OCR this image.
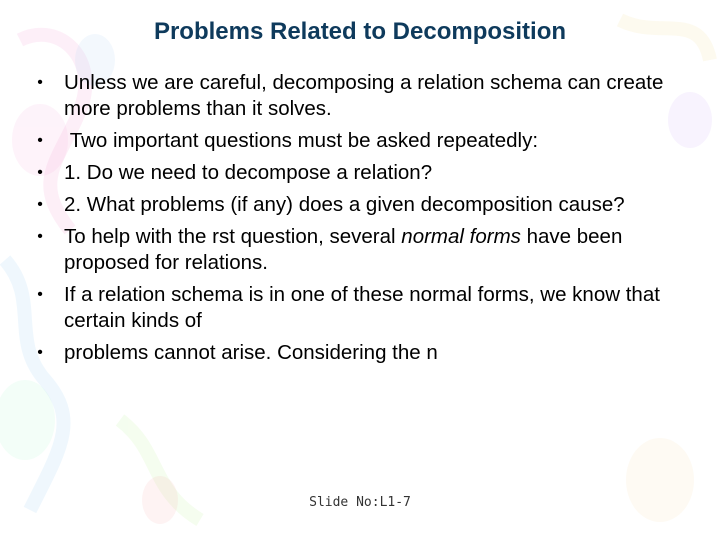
Problems Related to Decomposition
•	Unless we are careful, decomposing a relation schema can create more problems than it solves.
•	Two important questions must be asked repeatedly:
•	1. Do we need to decompose a relation?
•	2. What problems (if any) does a given decomposition cause?
•	To help with the rst question, several normal forms have been proposed for relations.
•	If a relation schema is in one of these normal forms, we know that certain kinds of
•	problems cannot arise. Considering the n
Slide No:L1-7
